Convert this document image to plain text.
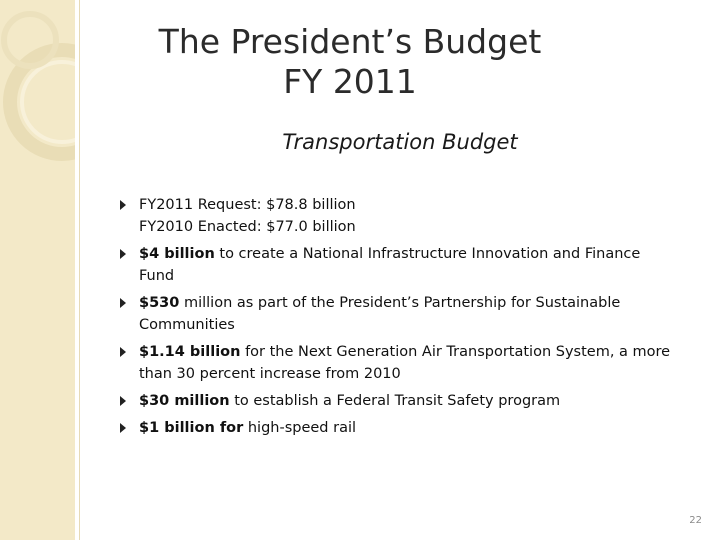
The President’s Budget
FY 2011
Transportation Budget
FY2011 Request: $78.8 billion
FY2010 Enacted: $77.0 billion
$4 billion to create a National Infrastructure Innovation and Finance Fund
$530 million as part of the President’s Partnership for Sustainable Communities
$1.14 billion for the Next Generation Air Transportation System, a more than 30 percent increase from 2010
$30 million to establish a Federal Transit Safety program
$1 billion for high-speed rail
22
